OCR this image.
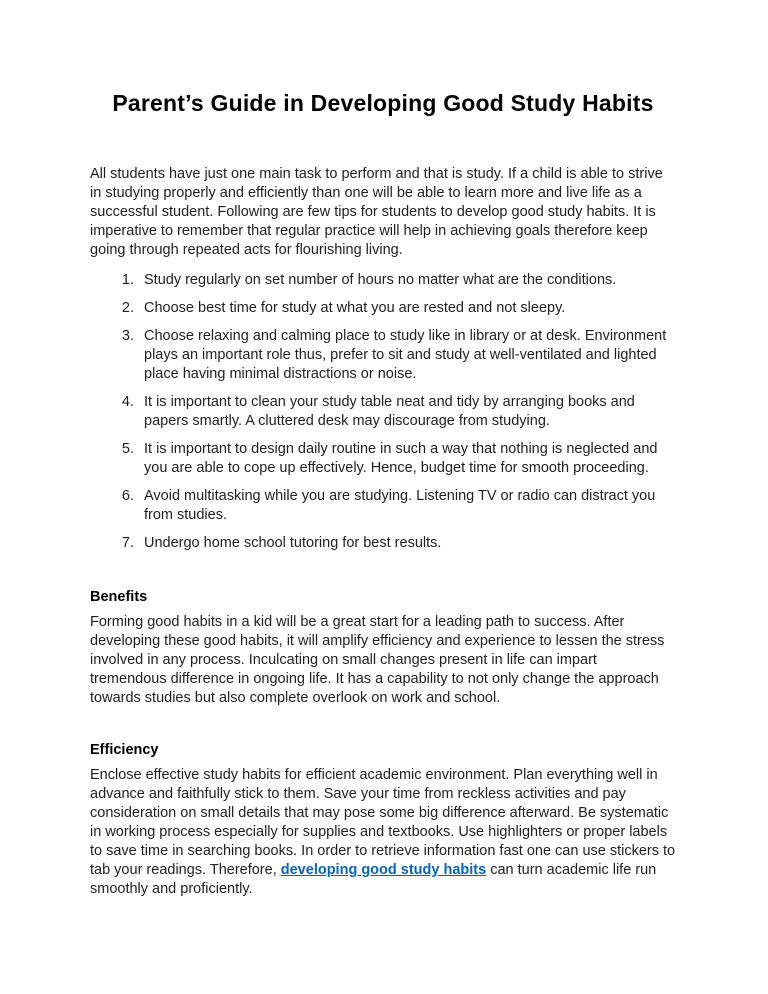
Parent’s Guide in Developing Good Study Habits

All students have just one main task to perform and that is study. If a child is able to strive in studying properly and efficiently than one will be able to learn more and live life as a successful student. Following are few tips for students to develop good study habits. It is imperative to remember that regular practice will help in achieving goals therefore keep going through repeated acts for flourishing living.

1. Study regularly on set number of hours no matter what are the conditions.
2. Choose best time for study at what you are rested and not sleepy.
3. Choose relaxing and calming place to study like in library or at desk. Environment plays an important role thus, prefer to sit and study at well-ventilated and lighted place having minimal distractions or noise.
4. It is important to clean your study table neat and tidy by arranging books and papers smartly. A cluttered desk may discourage from studying.
5. It is important to design daily routine in such a way that nothing is neglected and you are able to cope up effectively. Hence, budget time for smooth proceeding.
6. Avoid multitasking while you are studying. Listening TV or radio can distract you from studies.
7. Undergo home school tutoring for best results.
Benefits

Forming good habits in a kid will be a great start for a leading path to success. After developing these good habits, it will amplify efficiency and experience to lessen the stress involved in any process. Inculcating on small changes present in life can impart tremendous difference in ongoing life. It has a capability to not only change the approach towards studies but also complete overlook on work and school.

Efficiency

Enclose effective study habits for efficient academic environment. Plan everything well in advance and faithfully stick to them. Save your time from reckless activities and pay consideration on small details that may pose some big difference afterward. Be systematic in working process especially for supplies and textbooks. Use highlighters or proper labels to save time in searching books. In order to retrieve information fast one can use stickers to tab your readings. Therefore, developing good study habits can turn academic life run smoothly and proficiently.
